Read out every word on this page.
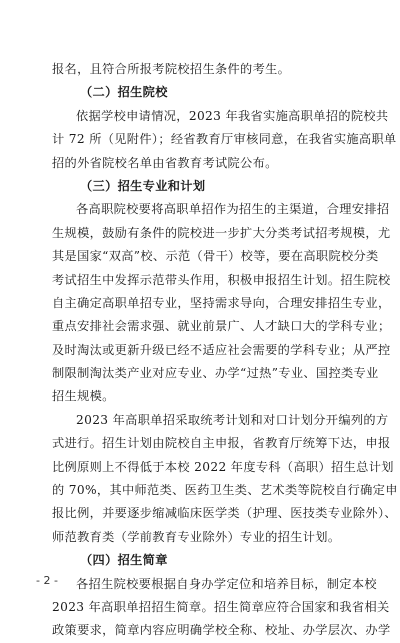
报名，且符合所报考院校招生条件的考生。
（二）招生院校
依据学校申请情况，2023 年我省实施高职单招的院校共
计 72 所（见附件）；经省教育厅审核同意，在我省实施高职单
招的外省院校名单由省教育考试院公布。
（三）招生专业和计划
各高职院校要将高职单招作为招生的主渠道，合理安排招
生规模，鼓励有条件的院校进一步扩大分类考试招考规模，尤
其是国家“双高”校、示范（骨干）校等，要在高职院校分类
考试招生中发挥示范带头作用，积极申报招生计划。招生院校
自主确定高职单招专业，坚持需求导向，合理安排招生专业，
重点安排社会需求强、就业前景广、人才缺口大的学科专业；
及时淘汰或更新升级已经不适应社会需要的学科专业；从严控
制限制淘汰类产业对应专业、办学“过热”专业、国控类专业
招生规模。
2023 年高职单招采取统考计划和对口计划分开编列的方
式进行。招生计划由院校自主申报，省教育厅统筹下达，申报
比例原则上不得低于本校 2022 年度专科（高职）招生总计划
的 70%，其中师范类、医药卫生类、艺术类等院校自行确定申
报比例，并要逐步缩减临床医学类（护理、医技类专业除外）、
师范教育类（学前教育专业除外）专业的招生计划。
（四）招生简章
各招生院校要根据自身办学定位和培养目标，制定本校
2023 年高职单招招生简章。招生简章应符合国家和我省相关
政策要求，简章内容应明确学校全称、校址、办学层次、办学
- 2 -
